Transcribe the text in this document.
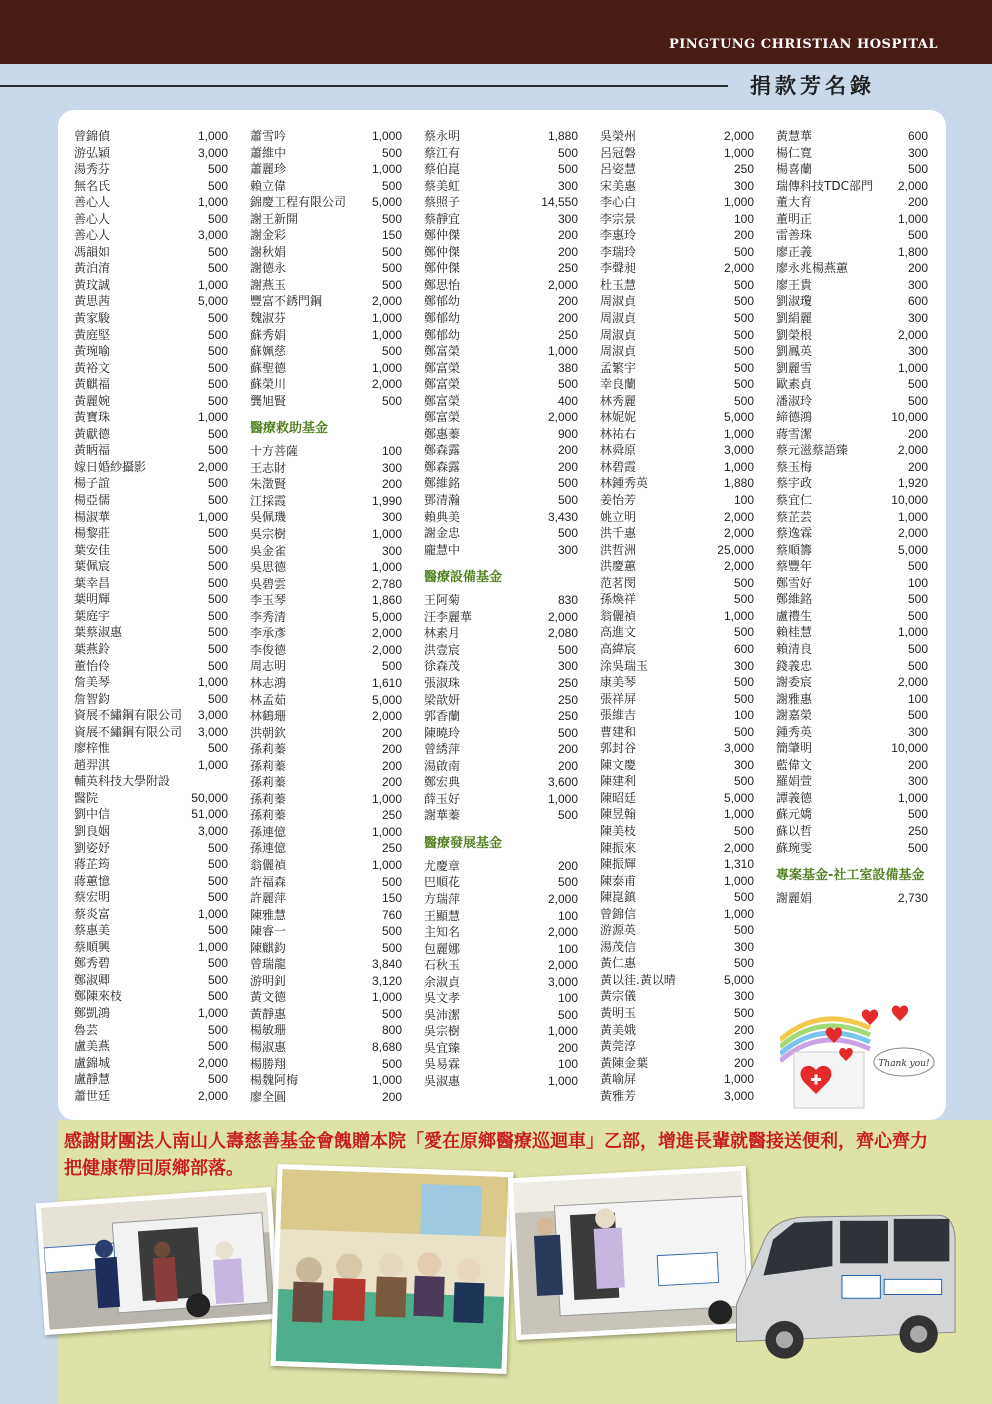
PINGTUNG CHRISTIAN HOSPITAL
捐款芳名錄
曾錦偵	1,000
游弘穎	3,000
湯秀芬	500
無名氏	500
善心人	1,000
善心人	500
善心人	3,000
馮韻如	500
黃泊淯	500
黃玟誠	1,000
黃思茜	5,000
黃家駿	500
黃庭堅	500
黃琬喻	500
黃裕文	500
黃麒福	500
黃麗婉	500
黃寶珠	1,000
黃獻德	500
黃眪福	500
嫁日婚紗攝影	2,000
楊子誼	500
楊亞儒	500
楊淑華	1,000
楊黎莊	500
葉安佳	500
葉佩宸	500
葉幸昌	500
葉明輝	500
葉庭宇	500
葉蔡淑惠	500
葉燕鈴	500
董怡伶	500
詹美琴	1,000
詹智鈞	500
資展不繡鋼有限公司 3,000
資展不繡鋼有限公司 3,000
廖梓惟	500
趙羿淇	1,000
輔英科技大學附設
醫院	50,000
劉中信	51,000
劉良姻	3,000
劉姿妤	500
蔣芷筠	500
蔣蕙憶	500
蔡宏明	500
蔡炎富	1,000
蔡惠美	500
蔡順興	1,000
鄭秀碧	500
鄭淑卿	500
鄭陳來枝	500
鄭凱鴻	1,000
魯芸	500
盧美燕	500
盧錦城	2,000
盧靜慧	500
蕭世廷	2,000
蕭雪吟	1,000
蕭維中	500
蕭麗珍	1,000
賴立偉	500
錦慶工程有限公司 5,000
謝王新開	500
謝金彩	150
謝秋娟	500
謝德永	500
謝燕玉	500
豐富不銹門鋼	2,000
魏淑芬	1,000
蘇秀娟	1,000
蘇姵慈	500
蘇聖德	1,000
蘇榮川	2,000
龔旭賢	500
醫療救助基金
十方菩薩	100
王志財	300
朱澂賢	200
江採霞	1,990
吳佩璣	300
吳宗樹	1,000
吳金雀	300
吳思德	1,000
吳碧雲	2,780
李玉琴	1,860
李秀清	5,000
李承彥	2,000
李俊德	2,000
周志明	500
林志鴻	1,610
林孟茹	5,000
林鶴珊	2,000
洪朝欽	200
孫莉蓁	200
孫莉蓁	200
孫莉蓁	200
孫莉蓁	1,000
孫莉蓁	250
孫連億	1,000
孫連億	250
翁儷禎	1,000
許福森	500
許麗萍	150
陳雅慧	760
陳睿一	500
陳麒鈞	500
曾瑞龍	3,840
游明釗	3,120
黃文德	1,000
黃靜惠	500
楊敏珊	800
楊淑惠	8,680
楊勝翔	500
楊魏阿梅	1,000
廖全圓	200
蔡永明	1,880
蔡江有	500
蔡伯崑	500
蔡美虹	300
蔡照子	14,550
蔡靜宜	300
鄭仲傑	200
鄭仲傑	200
鄭仲傑	250
鄭思怡	2,000
鄭郁幼	200
鄭郁幼	200
鄭郁幼	250
鄭富榮	1,000
鄭富榮	380
鄭富榮	500
鄭富榮	400
鄭富榮	2,000
鄭惠蓁	900
鄭森露	200
鄭森露	200
鄭維銘	500
鄧清瀚	500
賴典美	3,430
謝金忠	500
龐慧中	300
醫療設備基金
王阿菊	830
汪李麗華	2,000
林素月	2,080
洪壹宸	500
徐森茂	300
張淑珠	250
梁歆妍	250
郭香蘭	250
陳曉玲	500
曾綉萍	200
湯啟南	200
鄭宏典	3,600
薛玉好	1,000
謝華蓁	500
醫療發展基金
尤慶章	200
巴順花	500
方瑞萍	2,000
王顯慧	100
主知名	2,000
包麗娜	100
石秋玉	2,000
余淑貞	3,000
吳文孝	100
吳沛潔	500
吳宗樹	1,000
吳宜臻	200
吳易霖	100
吳淑惠	1,000
吳榮州	2,000
呂冠磐	1,000
呂姿慧	250
宋美惠	300
李心白	1,000
李宗景	100
李惠玲	200
李瑞玲	500
李聲昶	2,000
杜玉慧	500
周淑貞	500
周淑貞	500
周淑貞	500
周淑貞	500
孟繁宇	500
幸良蘭	500
林秀麗	500
林妮妮	5,000
林祐右	1,000
林舜原	3,000
林碧霞	1,000
林鍾秀英	1,880
姜怡芳	100
姚立明	2,000
洪千惠	2,000
洪哲洲	25,000
洪慶蕙	2,000
范茗閔	500
孫煥祥	500
翁儷禎	1,000
高進文	500
高緯宸	600
涂吳瑞玉	300
康美琴	500
張祥屏	500
張維吉	100
曹建和	500
郭封谷	3,000
陳文慶	300
陳建利	500
陳昭廷	5,000
陳昱翰	1,000
陳美枝	500
陳振來	2,000
陳振輝	1,310
陳泰甫	1,000
陳崑鎮	500
曾錦信	1,000
游源英	500
湯茂信	300
黃仁惠	500
黃以徍.黃以晴	5,000
黃宗儀	300
黃明玉	500
黃美娥	200
黃莞淳	300
黃陳金葉	200
黃喻屏	1,000
黃雅芳	3,000
黃慧華	600
楊仁寬	300
楊喜蘭	500
瑞傳科技TDC部門 2,000
董大育	200
董明正	1,000
雷善珠	500
廖正義	1,800
廖永兆楊燕蕙	200
廖王貴	300
劉淑瓊	600
劉絹麗	300
劉榮根	2,000
劉鳳英	300
劉麗雪	1,000
歐素貞	500
潘淑玲	500
締德鴻	10,000
蔣雪潔	200
蔡元滋蔡語臻	2,000
蔡玉梅	200
蔡宇政	1,920
蔡宜仁	10,000
蔡芷芸	1,000
蔡逸霖	2,000
蔡順籌	5,000
蔡豐年	500
鄭雪好	100
鄭維銘	500
盧禮生	500
賴桂慧	1,000
賴清良	500
錢義忠	500
謝委宸	2,000
謝雅惠	100
謝嘉榮	500
鍾秀英	300
簡肇明	10,000
藍偉文	200
羅娟萱	300
譚義德	1,000
蘇元嬌	500
蘇以哲	250
蘇琬雯	500
專案基金-社工室設備基金
謝麗娟	2,730
Thank you!
感謝財團法人南山人壽慈善基金會餽贈本院「愛在原鄉醫療巡迴車」乙部，增進長輩就醫接送便利，齊心齊力把健康帶回原鄉部落。
